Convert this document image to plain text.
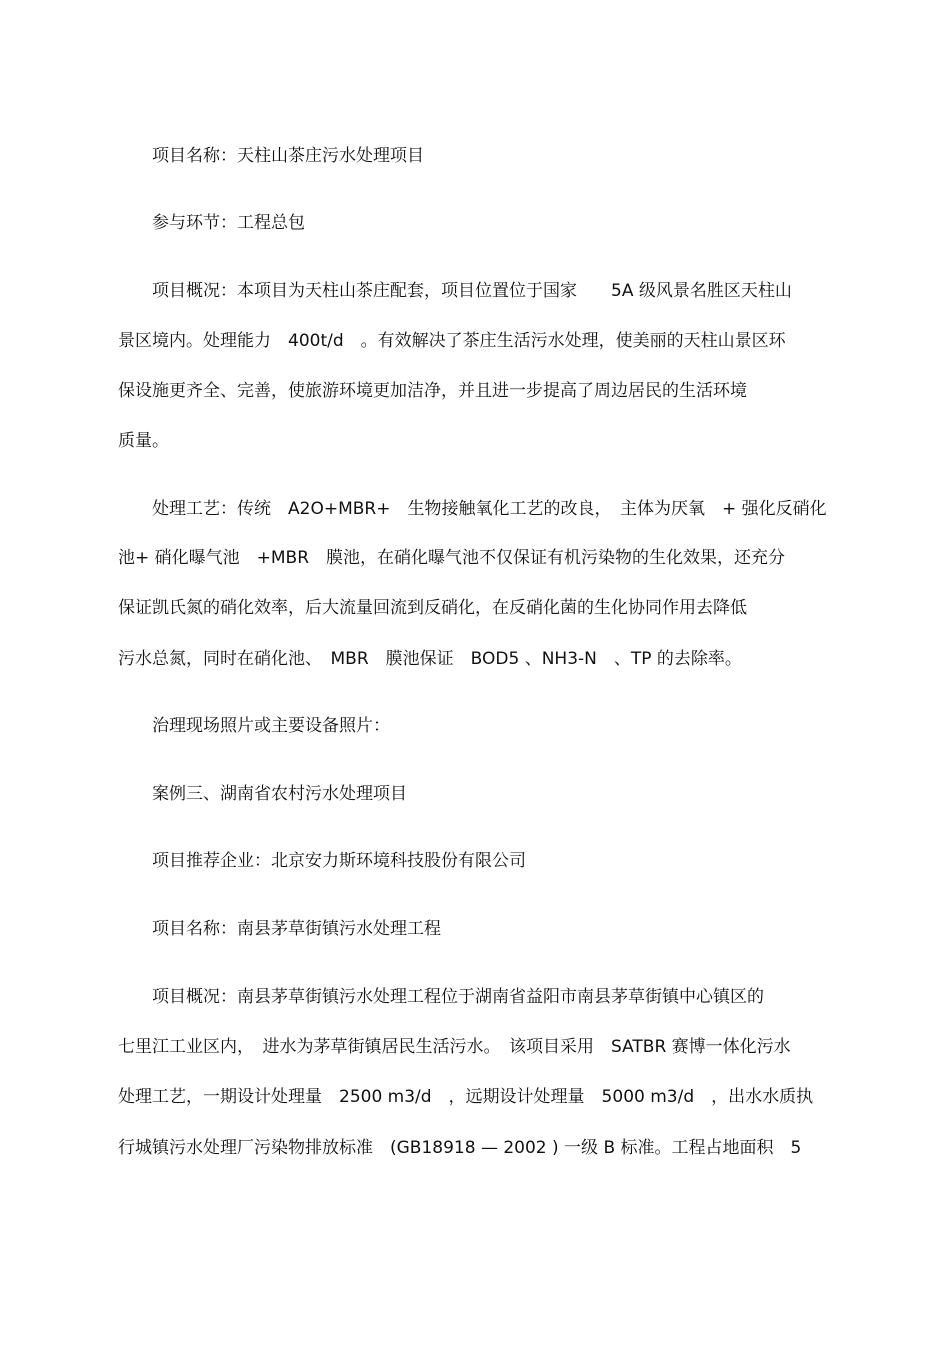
项目名称：天柱山茶庄污水处理项目
参与环节：工程总包
项目概况：本项目为天柱山茶庄配套，项目位置位于国家　　5A 级风景名胜区天柱山
景区境内。处理能力　400t/d　。有效解决了茶庄生活污水处理，使美丽的天柱山景区环
保设施更齐全、完善，使旅游环境更加洁净，并且进一步提高了周边居民的生活环境
质量。
处理工艺：传统　A2O+MBR+　生物接触氧化工艺的改良，　主体为厌氧　+ 强化反硝化
池+ 硝化曝气池　+MBR　膜池，在硝化曝气池不仅保证有机污染物的生化效果，还充分
保证凯氏氮的硝化效率，后大流量回流到反硝化，在反硝化菌的生化协同作用去降低
污水总氮，同时在硝化池、　MBR　膜池保证　BOD5 、NH3-N　、TP 的去除率。
治理现场照片或主要设备照片：
案例三、湖南省农村污水处理项目
项目推荐企业：北京安力斯环境科技股份有限公司
项目名称：南县茅草街镇污水处理工程
项目概况：南县茅草街镇污水处理工程位于湖南省益阳市南县茅草街镇中心镇区的
七里江工业区内，　进水为茅草街镇居民生活污水。　该项目采用　SATBR 赛博一体化污水
处理工艺，一期设计处理量　2500 m3/d　，远期设计处理量　5000 m3/d　，出水水质执
行城镇污水处理厂污染物排放标准　(GB18918 — 2002 ) 一级 B 标准。工程占地面积　5
